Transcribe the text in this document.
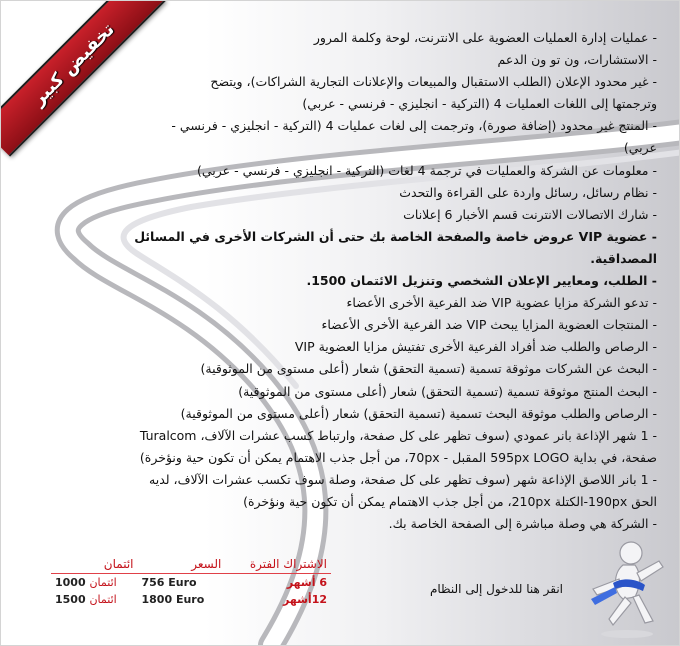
تخفيض كبير	- عمليات إدارة العمليات العضوية على الانترنت، لوحة وكلمة المرور
- الاستشارات، ون تو ون الدعم
- غير محدود الإعلان (الطلب الاستقبال والمبيعات والإعلانات التجارية الشراكات)، ويتضح
وترجمتها إلى اللغات العمليات 4 (التركية - انجليزي - فرنسي - عربي)
- المنتج غير محدود (إضافة صورة)، وترجمت إلى لغات عمليات 4 (التركية - انجليزي - فرنسي -
عربي)
- معلومات عن الشركة والعمليات في ترجمة 4 لغات (التركية - انجليزي - فرنسي - عربي)
- نظام رسائل، رسائل واردة على القراءة والتحدث
- شارك الاتصالات الانترنت قسم الأخبار 6 إعلانات
- عضوية VIP عروض خاصة والصفحة الخاصة بك حتى أن الشركات الأخرى في المسائل المصداقية.
- الطلب، ومعايير الإعلان الشخصي وتنزيل الائتمان 1500.
- تدعو الشركة مزايا عضوية VIP ضد الفرعية الأخرى الأعضاء
- المنتجات العضوية المزايا يبحث VIP ضد الفرعية الأخرى الأعضاء
- الرصاص والطلب ضد أفراد الفرعية الأخرى تفتيش مزايا العضوية VIP
- البحث عن الشركات موثوقة تسمية (تسمية التحقق) شعار (أعلى مستوى من الموثوقية)
- البحث المنتج موثوقة تسمية (تسمية التحقق) شعار (أعلى مستوى من الموثوقية)
- الرصاص والطلب موثوقة البحث تسمية (تسمية التحقق) شعار (أعلى مستوى من الموثوقية)
- 1 شهر الإذاعة بانر عمودي (سوف تظهر على كل صفحة، وارتباط كسب عشرات الآلاف، Turalcom
صفحة، في بداية 595px LOGO المقبل - 70px، من أجل جذب الاهتمام يمكن أن تكون حية ونؤخرة)
- 1 بانر اللاصق الإذاعة شهر (سوف تظهر على كل صفحة، وصلة سوف تكسب عشرات الآلاف، لديه
الحق 190px-الكتلة 210px، من أجل جذب الاهتمام يمكن أن تكون حية ونؤخرة)
- الشركة هي وصلة مباشرة إلى الصفحة الخاصة بك.
ائتمان	السعر	الاشتراك الفترة
1000 ائتمان	756 Euro	6 أشهر
1500 ائتمان	1800 Euro	12أشهر
انقر هنا للدخول إلى النظام
